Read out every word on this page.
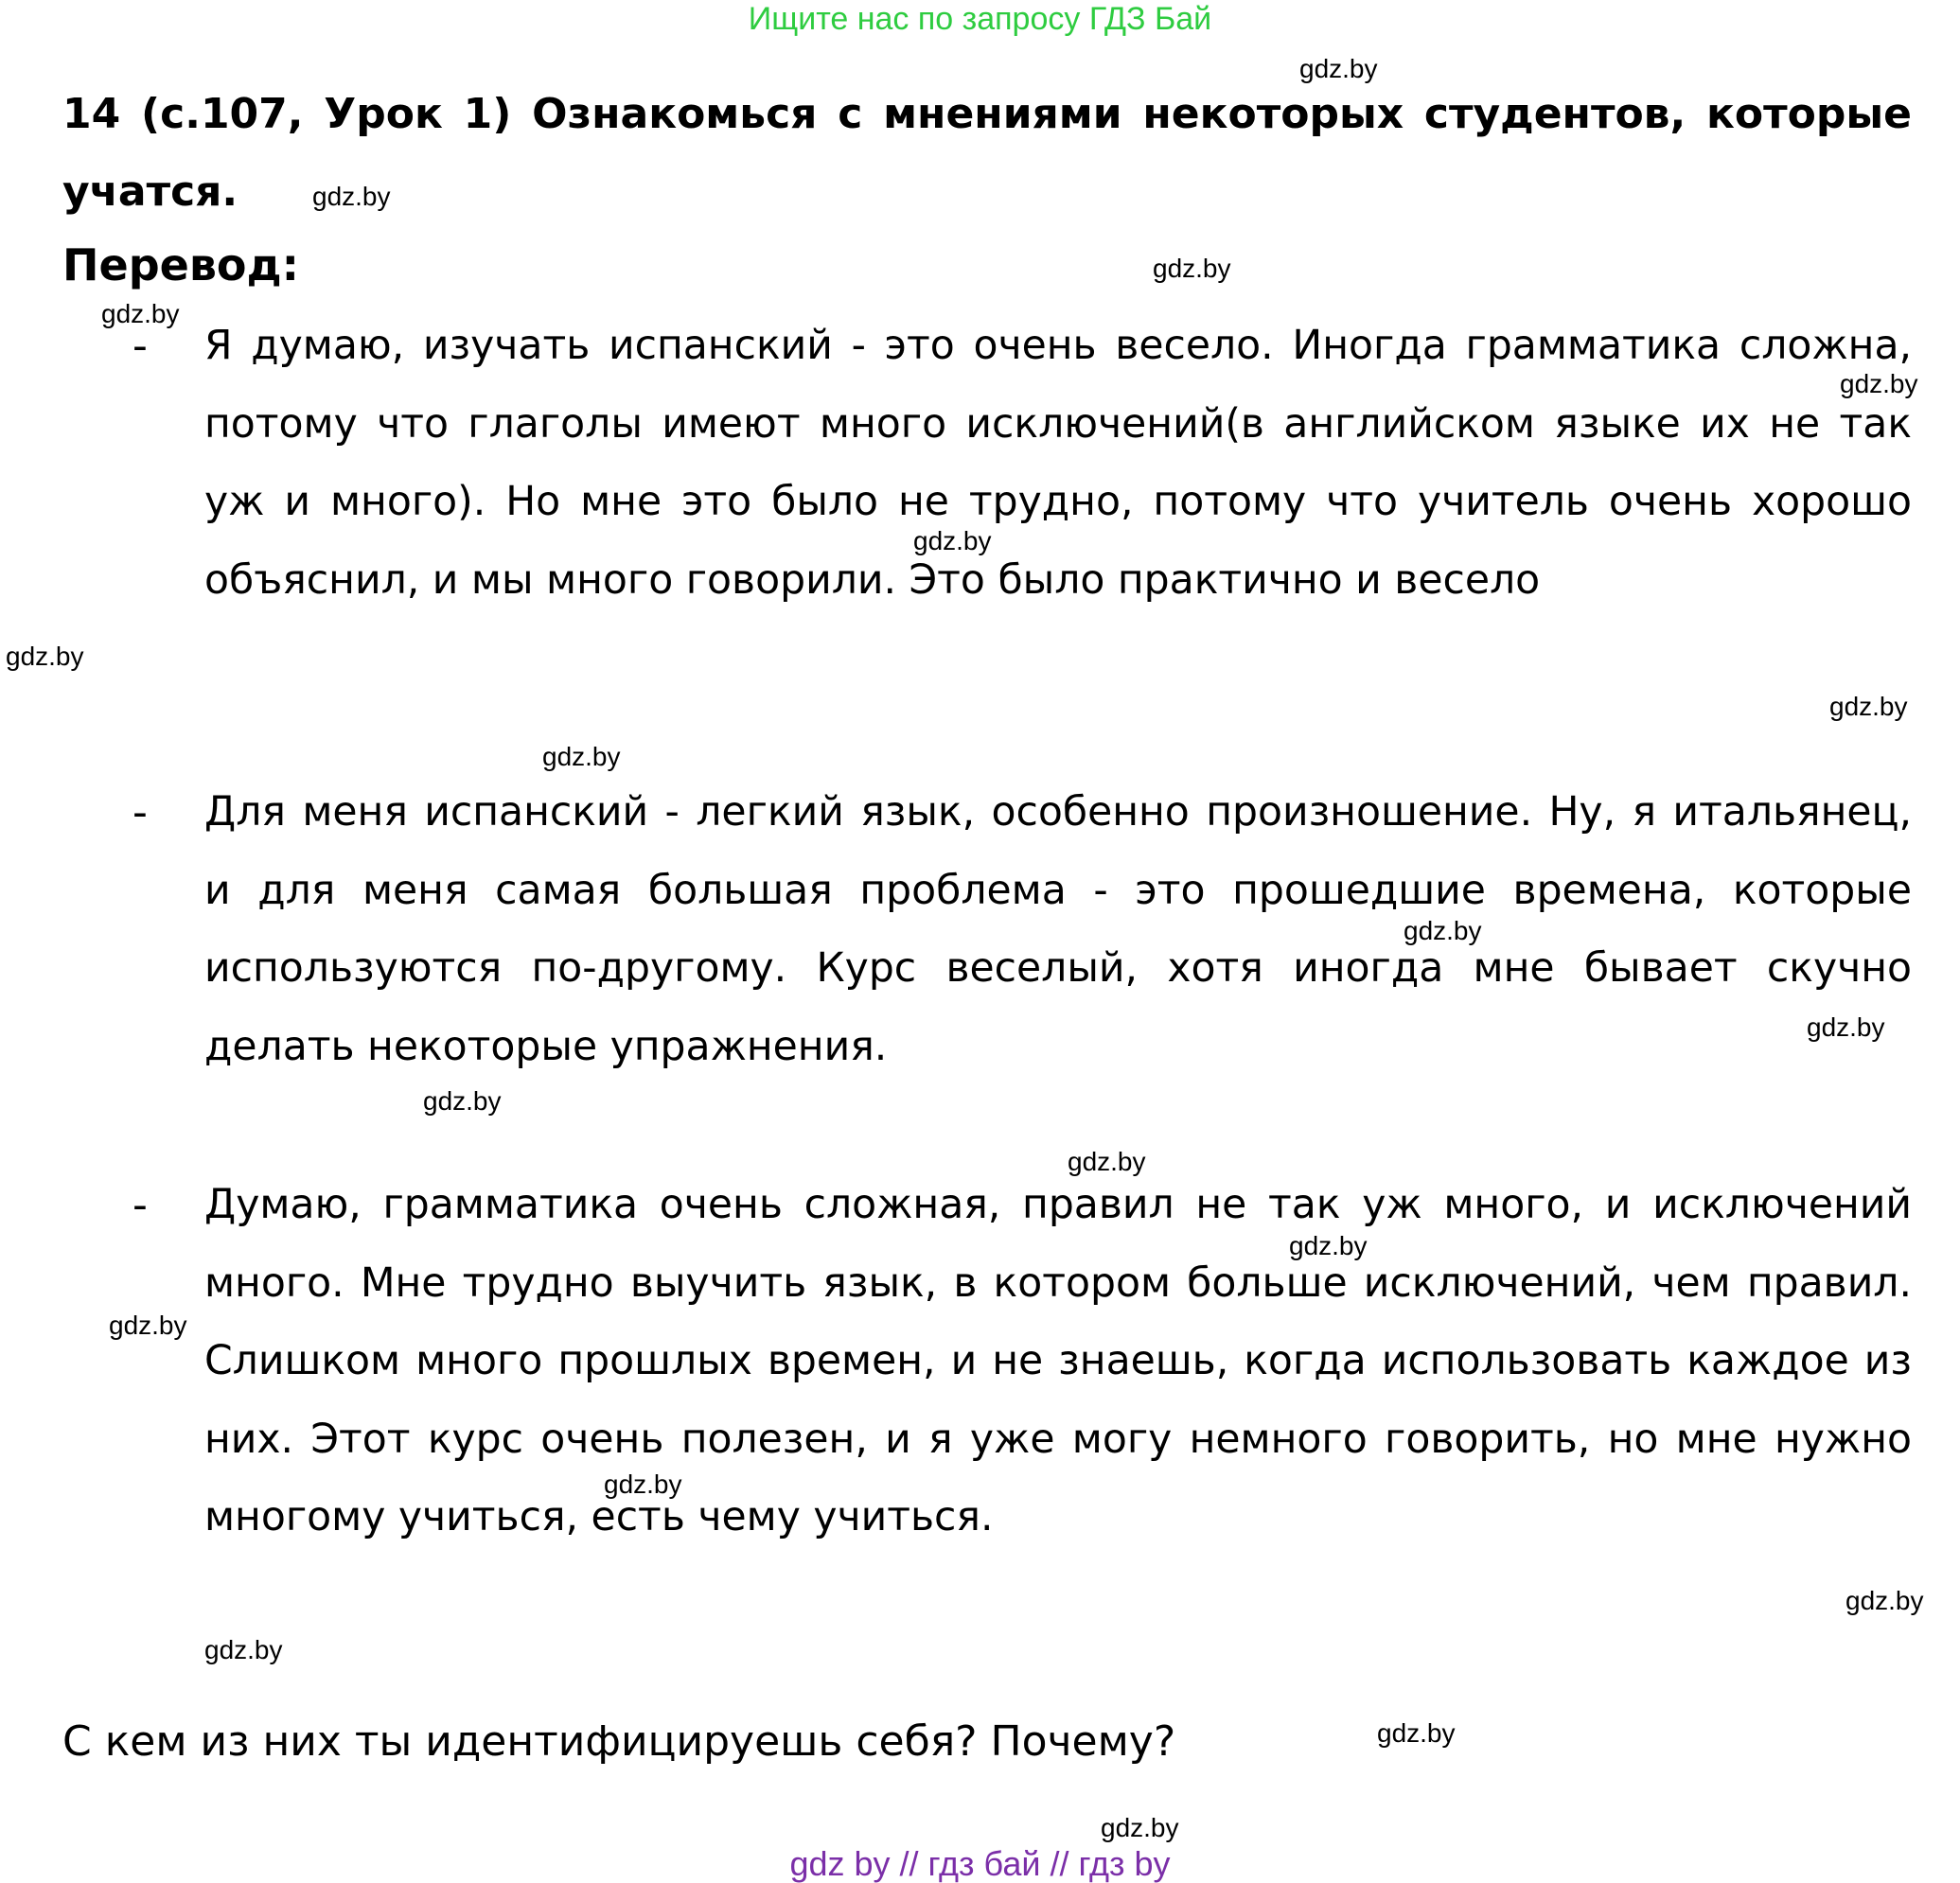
Ищите нас по запросу ГДЗ Бай

14 (с.107, Урок 1) Ознакомься с мнениями некоторых студентов, которые учатся.

Перевод:

- Я думаю, изучать испанский - это очень весело. Иногда грамматика сложна, потому что глаголы имеют много исключений(в английском языке их не так уж и много). Но мне это было не трудно, потому что учитель очень хорошо объяснил, и мы много говорили. Это было практично и весело
- Для меня испанский - легкий язык, особенно произношение. Ну, я итальянец, и для меня самая большая проблема - это прошедшие времена, которые используются по-другому. Курс веселый, хотя иногда мне бывает скучно делать некоторые упражнения.
- Думаю, грамматика очень сложная, правил не так уж много, и исключений много. Мне трудно выучить язык, в котором больше исключений, чем правил. Слишком много прошлых времен, и не знаешь, когда использовать каждое из них. Этот курс очень полезен, и я уже могу немного говорить, но мне нужно многому учиться, есть чему учиться.

С кем из них ты идентифицируешь себя? Почему?

gdz.by
gdz.by
gdz.by
gdz.by
gdz.by
gdz.by
gdz.by
gdz.by
gdz.by
gdz.by
gdz.by
gdz.by
gdz.by
gdz.by
gdz.by
gdz.by
gdz.by
gdz.by
gdz.by
gdz.by
gdz by // гдз бай // гдз by
